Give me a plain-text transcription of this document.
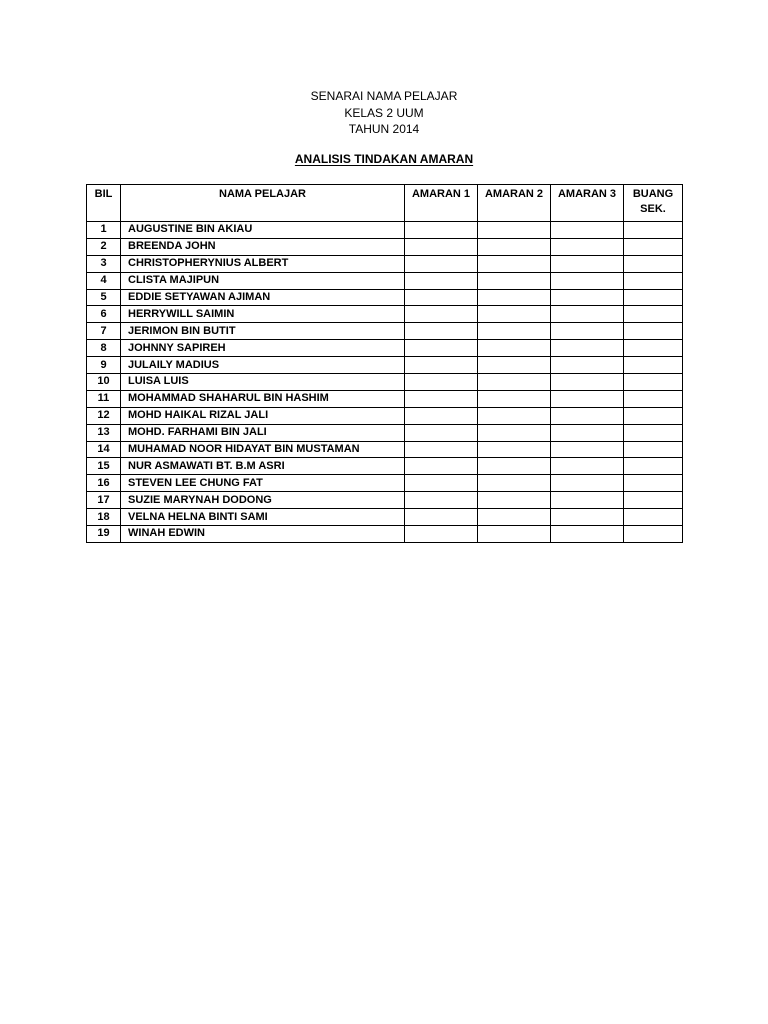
SENARAI NAMA PELAJAR
KELAS 2 UUM
TAHUN 2014
ANALISIS TINDAKAN AMARAN
BIL	NAMA PELAJAR	AMARAN 1	AMARAN 2	AMARAN 3	BUANG SEK.
1	AUGUSTINE BIN AKIAU				
2	BREENDA JOHN				
3	CHRISTOPHERYNIUS ALBERT				
4	CLISTA MAJIPUN				
5	EDDIE SETYAWAN AJIMAN				
6	HERRYWILL SAIMIN				
7	JERIMON BIN BUTIT				
8	JOHNNY SAPIREH				
9	JULAILY MADIUS				
10	LUISA LUIS				
11	MOHAMMAD SHAHARUL BIN HASHIM				
12	MOHD HAIKAL RIZAL JALI				
13	MOHD. FARHAMI BIN JALI				
14	MUHAMAD NOOR HIDAYAT BIN MUSTAMAN				
15	NUR ASMAWATI BT. B.M ASRI				
16	STEVEN LEE CHUNG FAT				
17	SUZIE MARYNAH DODONG				
18	VELNA HELNA BINTI SAMI				
19	WINAH EDWIN				
